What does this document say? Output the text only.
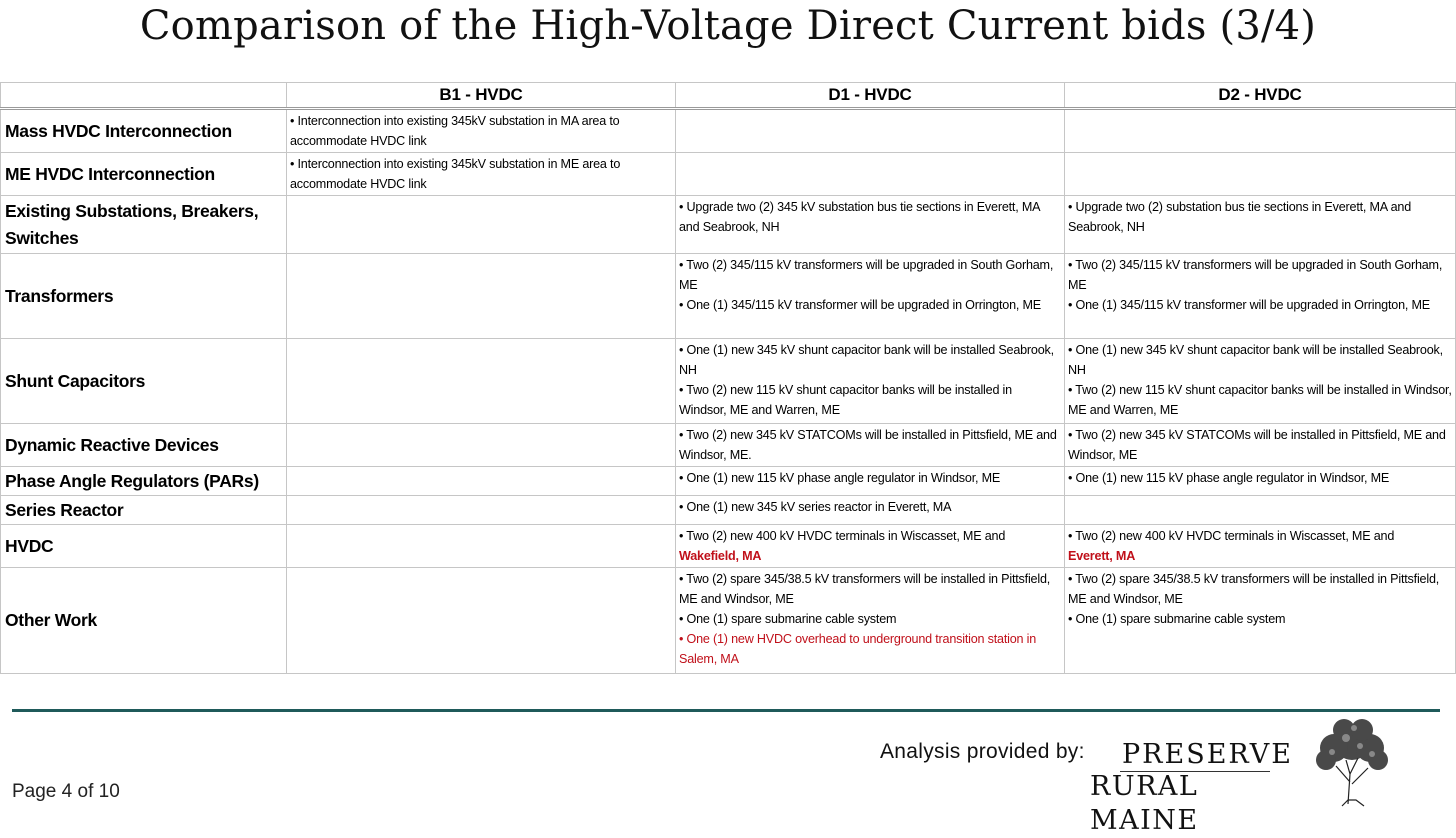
Comparison of the High-Voltage Direct Current bids (3/4)
	B1 - HVDC	D1 - HVDC	D2 - HVDC
Mass HVDC Interconnection	• Interconnection into existing 345kV substation in MA area to accommodate HVDC link		

ME HVDC Interconnection	• Interconnection into existing 345kV substation in ME area to accommodate HVDC link		

Existing Substations, Breakers, Switches		• Upgrade two (2) 345 kV substation bus tie sections in Everett, MA and Seabrook, NH	• Upgrade two (2) substation bus tie sections in Everett, MA and Seabrook, NH

Transformers		• Two (2) 345/115 kV transformers will be upgraded in South Gorham, ME
• One (1) 345/115 kV transformer will be upgraded in Orrington, ME	• Two (2) 345/115 kV transformers will be upgraded in South Gorham, ME
• One (1) 345/115 kV transformer will be upgraded in Orrington, ME

Shunt Capacitors		• One (1) new 345 kV shunt capacitor bank will be installed Seabrook, NH
• Two (2) new 115 kV shunt capacitor banks will be installed in Windsor, ME and Warren, ME	• One (1) new 345 kV shunt capacitor bank will be installed Seabrook, NH
• Two (2) new 115 kV shunt capacitor banks will be installed in Windsor, ME and Warren, ME

Dynamic Reactive Devices		• Two (2) new 345 kV STATCOMs will be installed in Pittsfield, ME and Windsor, ME.	• Two (2) new 345 kV STATCOMs will be installed in Pittsfield, ME and Windsor, ME

Phase Angle Regulators (PARs)		• One (1) new 115 kV phase angle regulator in Windsor, ME	• One (1) new 115 kV phase angle regulator in Windsor, ME

Series Reactor		• One (1) new 345 kV series reactor in Everett, MA	

HVDC		• Two (2) new 400 kV HVDC terminals in Wiscasset, ME and
Wakefield, MA	• Two (2) new 400 kV HVDC terminals in Wiscasset, ME and
Everett, MA

Other Work		• Two (2) spare 345/38.5 kV transformers will be installed in Pittsfield, ME and Windsor, ME
• One (1) spare submarine cable system
• One (1) new HVDC overhead to underground transition station in Salem, MA	• Two (2) spare 345/38.5 kV transformers will be installed in Pittsfield, ME and Windsor, ME
• One (1) spare submarine cable system
Page 4 of 10
Analysis provided by: PRESERVE
RURAL MAINE
